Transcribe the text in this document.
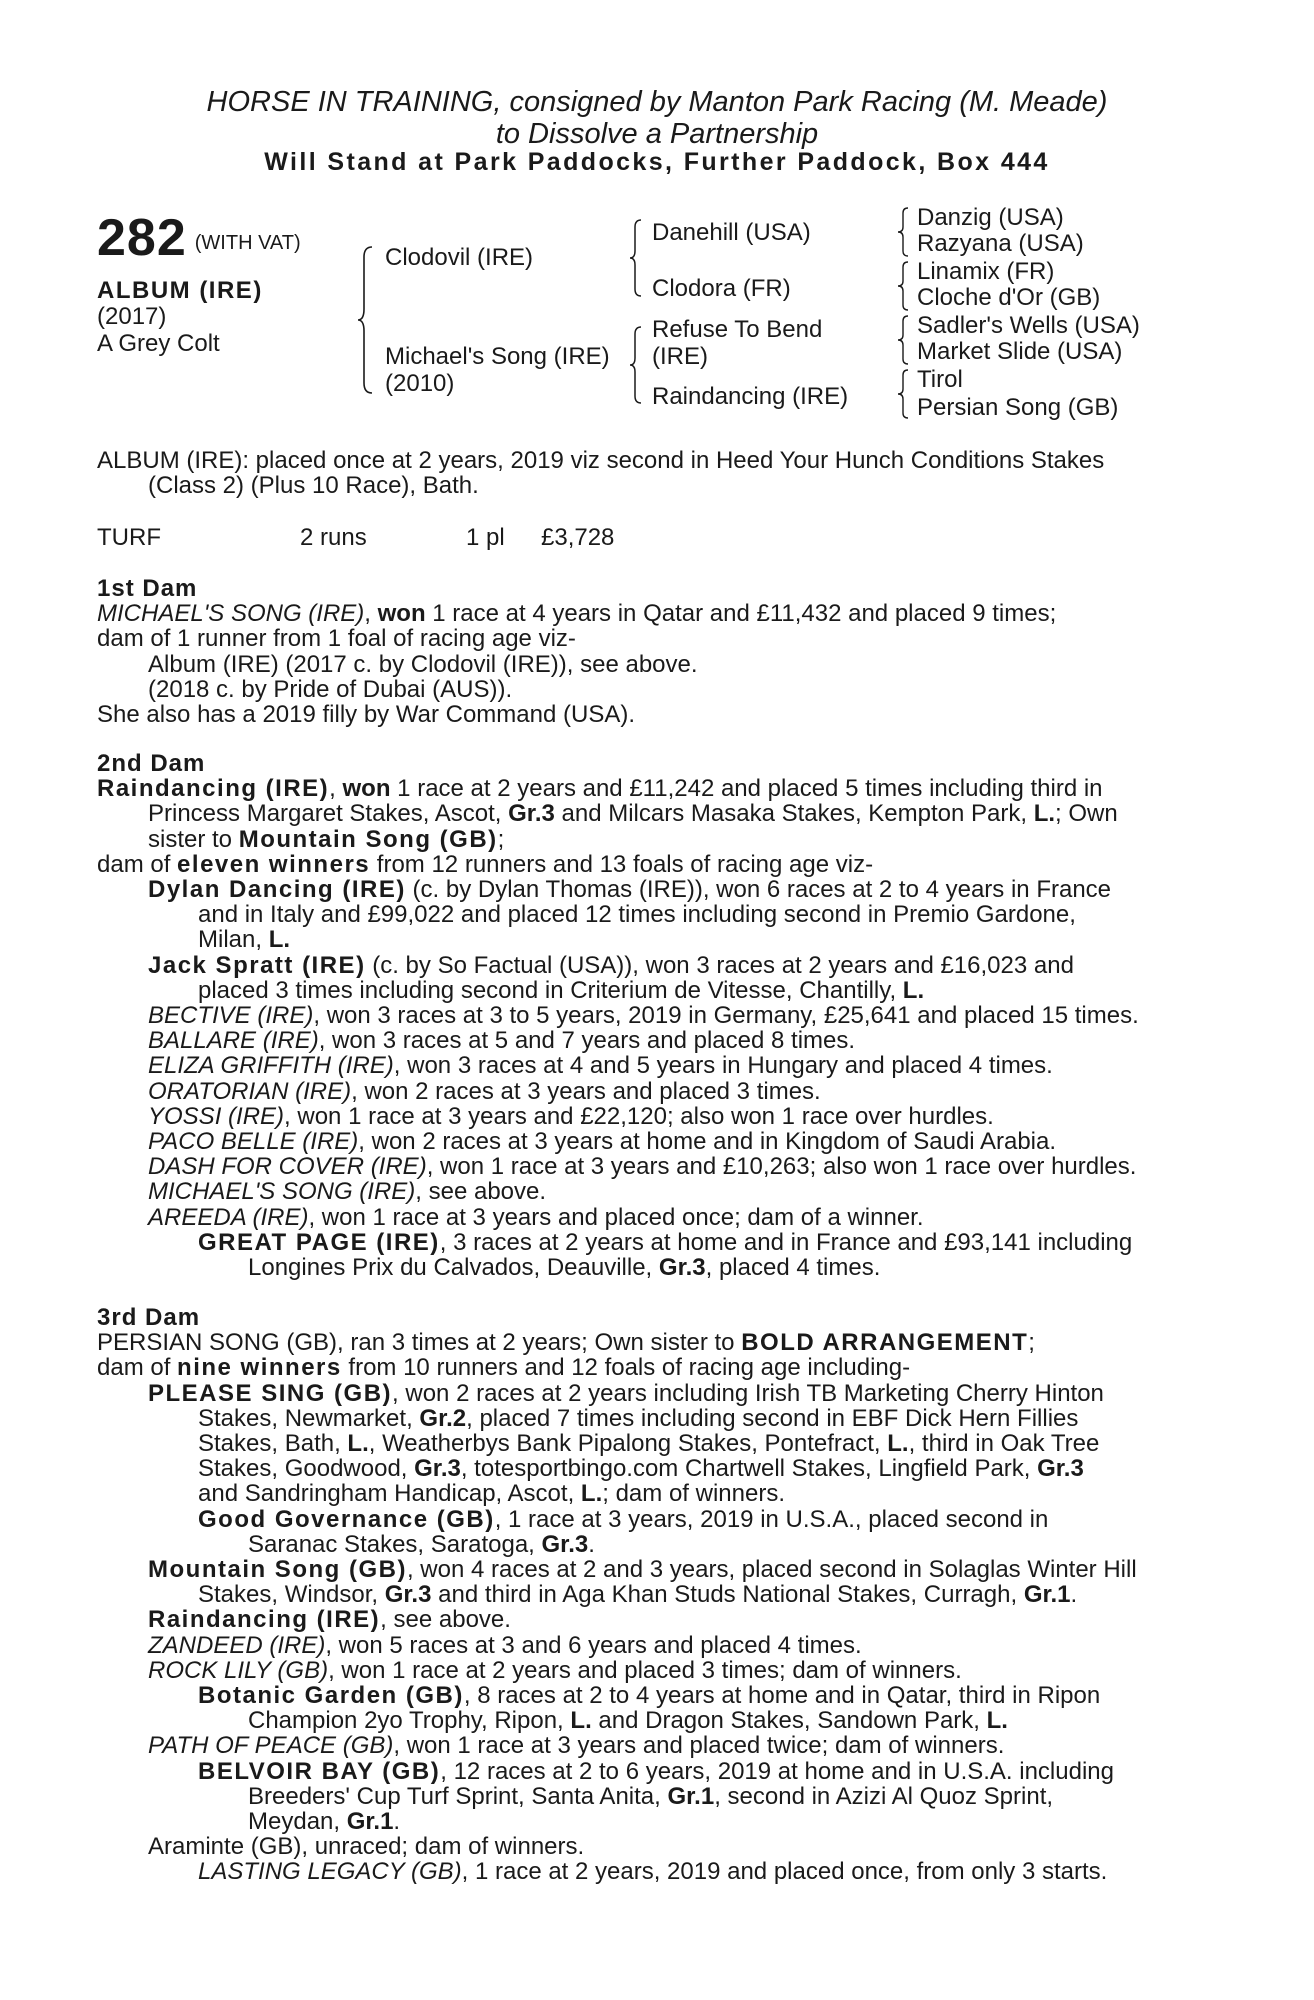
HORSE IN TRAINING, consigned by Manton Park Racing (M. Meade)
to Dissolve a Partnership
Will Stand at Park Paddocks, Further Paddock, Box 444
282 (WITH VAT)
ALBUM (IRE)
(2017)
A Grey Colt
Clodovil (IRE)
Michael's Song (IRE)
(2010)
Danehill (USA)
Clodora (FR)
Refuse To Bend
(IRE)
Raindancing (IRE)
Danzig (USA)
Razyana (USA)
Linamix (FR)
Cloche d'Or (GB)
Sadler's Wells (USA)
Market Slide (USA)
Tirol
Persian Song (GB)
ALBUM (IRE): placed once at 2 years, 2019 viz second in Heed Your Hunch Conditions Stakes
(Class 2) (Plus 10 Race), Bath.
TURF	2 runs	1 pl £3,728
1st Dam
MICHAEL'S SONG (IRE), won 1 race at 4 years in Qatar and £11,432 and placed 9 times;
dam of 1 runner from 1 foal of racing age viz-
Album (IRE) (2017 c. by Clodovil (IRE)), see above.
(2018 c. by Pride of Dubai (AUS)).
She also has a 2019 filly by War Command (USA).
2nd Dam
Raindancing (IRE), won 1 race at 2 years and £11,242 and placed 5 times including third in
Princess Margaret Stakes, Ascot, Gr.3 and Milcars Masaka Stakes, Kempton Park, L.; Own
sister to Mountain Song (GB);
dam of eleven winners from 12 runners and 13 foals of racing age viz-
Dylan Dancing (IRE) (c. by Dylan Thomas (IRE)), won 6 races at 2 to 4 years in France
and in Italy and £99,022 and placed 12 times including second in Premio Gardone,
Milan, L.
Jack Spratt (IRE) (c. by So Factual (USA)), won 3 races at 2 years and £16,023 and
placed 3 times including second in Criterium de Vitesse, Chantilly, L.
BECTIVE (IRE), won 3 races at 3 to 5 years, 2019 in Germany, £25,641 and placed 15 times.
BALLARE (IRE), won 3 races at 5 and 7 years and placed 8 times.
ELIZA GRIFFITH (IRE), won 3 races at 4 and 5 years in Hungary and placed 4 times.
ORATORIAN (IRE), won 2 races at 3 years and placed 3 times.
YOSSI (IRE), won 1 race at 3 years and £22,120; also won 1 race over hurdles.
PACO BELLE (IRE), won 2 races at 3 years at home and in Kingdom of Saudi Arabia.
DASH FOR COVER (IRE), won 1 race at 3 years and £10,263; also won 1 race over hurdles.
MICHAEL'S SONG (IRE), see above.
AREEDA (IRE), won 1 race at 3 years and placed once; dam of a winner.
GREAT PAGE (IRE), 3 races at 2 years at home and in France and £93,141 including
Longines Prix du Calvados, Deauville, Gr.3, placed 4 times.
3rd Dam
PERSIAN SONG (GB), ran 3 times at 2 years; Own sister to BOLD ARRANGEMENT;
dam of nine winners from 10 runners and 12 foals of racing age including-
PLEASE SING (GB), won 2 races at 2 years including Irish TB Marketing Cherry Hinton
Stakes, Newmarket, Gr.2, placed 7 times including second in EBF Dick Hern Fillies
Stakes, Bath, L., Weatherbys Bank Pipalong Stakes, Pontefract, L., third in Oak Tree
Stakes, Goodwood, Gr.3, totesportbingo.com Chartwell Stakes, Lingfield Park, Gr.3
and Sandringham Handicap, Ascot, L.; dam of winners.
Good Governance (GB), 1 race at 3 years, 2019 in U.S.A., placed second in
Saranac Stakes, Saratoga, Gr.3.
Mountain Song (GB), won 4 races at 2 and 3 years, placed second in Solaglas Winter Hill
Stakes, Windsor, Gr.3 and third in Aga Khan Studs National Stakes, Curragh, Gr.1.
Raindancing (IRE), see above.
ZANDEED (IRE), won 5 races at 3 and 6 years and placed 4 times.
ROCK LILY (GB), won 1 race at 2 years and placed 3 times; dam of winners.
Botanic Garden (GB), 8 races at 2 to 4 years at home and in Qatar, third in Ripon
Champion 2yo Trophy, Ripon, L. and Dragon Stakes, Sandown Park, L.
PATH OF PEACE (GB), won 1 race at 3 years and placed twice; dam of winners.
BELVOIR BAY (GB), 12 races at 2 to 6 years, 2019 at home and in U.S.A. including
Breeders' Cup Turf Sprint, Santa Anita, Gr.1, second in Azizi Al Quoz Sprint,
Meydan, Gr.1.
Araminte (GB), unraced; dam of winners.
LASTING LEGACY (GB), 1 race at 2 years, 2019 and placed once, from only 3 starts.
